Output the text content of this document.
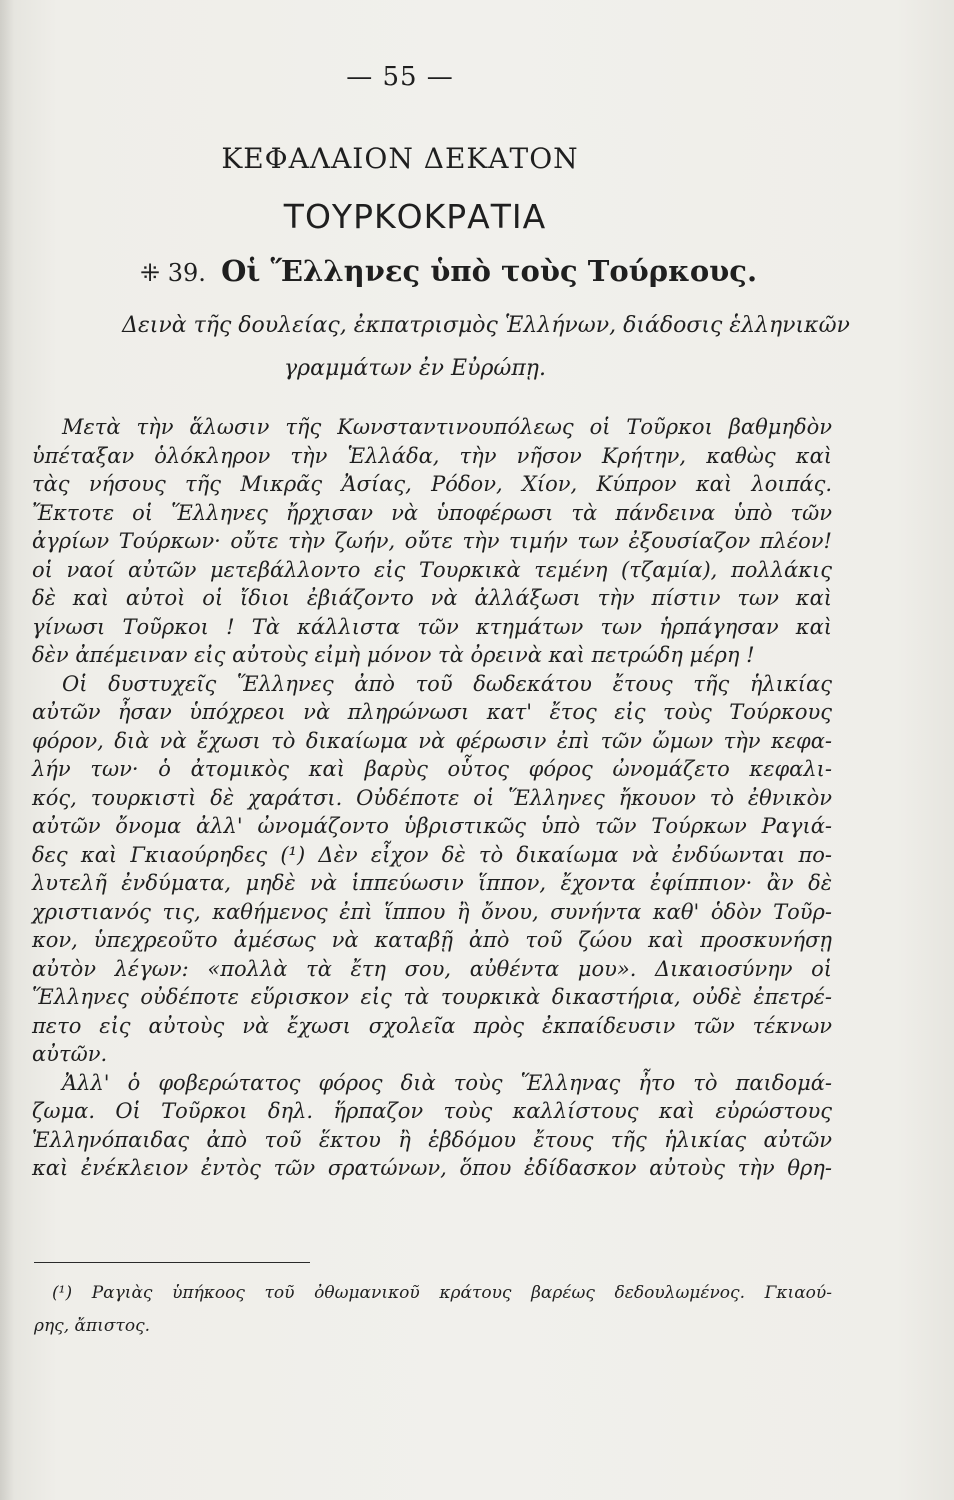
— 55 —
ΚΕΦΑΛΑΙΟΝ ΔΕΚΑΤΟΝ
ΤΟΥΡΚΟΚΡΑΤΙΑ
⁜ 39. Οἱ Ἕλληνες ὑπὸ τοὺς Τούρκους.
Δεινὰ τῆς δουλείας, ἐκπατρισμὸς Ἑλλήνων, διάδοσις ἑλληνικῶν
γραμμάτων ἐν Εὐρώπῃ.
Μετὰ τὴν ἅλωσιν τῆς Κωνσταντινουπόλεως οἱ Τοῦρκοι βαθμηδὸν
ὑπέταξαν ὁλόκληρον τὴν Ἑλλάδα, τὴν νῆσον Κρήτην, καθὼς καὶ
τὰς νήσους τῆς Μικρᾶς Ἀσίας, Ρόδον, Χίον, Κύπρον καὶ λοιπάς.
Ἔκτοτε οἱ Ἕλληνες ἤρχισαν νὰ ὑποφέρωσι τὰ πάνδεινα ὑπὸ τῶν
ἀγρίων Τούρκων· οὔτε τὴν ζωήν, οὔτε τὴν τιμήν των ἐξουσίαζον πλέον!
οἱ ναοί αὐτῶν μετεβάλλοντο εἰς Τουρκικὰ τεμένη (τζαμία), πολλάκις
δὲ καὶ αὐτοὶ οἱ ἴδιοι ἐβιάζοντο νὰ ἀλλάξωσι τὴν πίστιν των καὶ
γίνωσι Τοῦρκοι ! Τὰ κάλλιστα τῶν κτημάτων των ἡρπάγησαν καὶ
δὲν ἀπέμειναν εἰς αὐτοὺς εἰμὴ μόνον τὰ ὀρεινὰ καὶ πετρώδη μέρη !
Οἱ δυστυχεῖς Ἕλληνες ἀπὸ τοῦ δωδεκάτου ἔτους τῆς ἡλικίας
αὐτῶν ἦσαν ὑπόχρεοι νὰ πληρώνωσι κατ' ἔτος εἰς τοὺς Τούρκους
φόρον, διὰ νὰ ἔχωσι τὸ δικαίωμα νὰ φέρωσιν ἐπὶ τῶν ὤμων τὴν κεφα-
λήν των· ὁ ἀτομικὸς καὶ βαρὺς οὗτος φόρος ὠνομάζετο κεφαλι-
κός, τουρκιστὶ δὲ χαράτσι. Οὐδέποτε οἱ Ἕλληνες ἤκουον τὸ ἐθνικὸν
αὐτῶν ὄνομα ἀλλ' ὠνομάζοντο ὑβριστικῶς ὑπὸ τῶν Τούρκων Ραγιά-
δες καὶ Γκιαούρηδες (¹) Δὲν εἶχον δὲ τὸ δικαίωμα νὰ ἐνδύωνται πο-
λυτελῆ ἐνδύματα, μηδὲ νὰ ἱππεύωσιν ἵππον, ἔχοντα ἐφίππιον· ἂν δὲ
χριστιανός τις, καθήμενος ἐπὶ ἵππου ἢ ὄνου, συνήντα καθ' ὁδὸν Τοῦρ-
κον, ὑπεχρεοῦτο ἀμέσως νὰ καταβῇ ἀπὸ τοῦ ζώου καὶ προσκυνήσῃ
αὐτὸν λέγων: «πολλὰ τὰ ἔτη σου, αὐθέντα μου». Δικαιοσύνην οἱ
Ἕλληνες οὐδέποτε εὕρισκον εἰς τὰ τουρκικὰ δικαστήρια, οὐδὲ ἐπετρέ-
πετο εἰς αὐτοὺς νὰ ἔχωσι σχολεῖα πρὸς ἐκπαίδευσιν τῶν τέκνων
αὐτῶν.
Ἀλλ' ὁ φοβερώτατος φόρος διὰ τοὺς Ἕλληνας ἦτο τὸ παιδομά-
ζωμα. Οἱ Τοῦρκοι δηλ. ἥρπαζον τοὺς καλλίστους καὶ εὐρώστους
Ἑλληνόπαιδας ἀπὸ τοῦ ἕκτου ἢ ἑβδόμου ἔτους τῆς ἡλικίας αὐτῶν
καὶ ἐνέκλειον ἐντὸς τῶν σρατώνων, ὅπου ἐδίδασκον αὐτοὺς τὴν θρη-
(¹) Ραγιὰς ὑπήκοος τοῦ ὀθωμανικοῦ κράτους βαρέως δεδουλωμένος. Γκιαού-
ρης, ἄπιστος.
